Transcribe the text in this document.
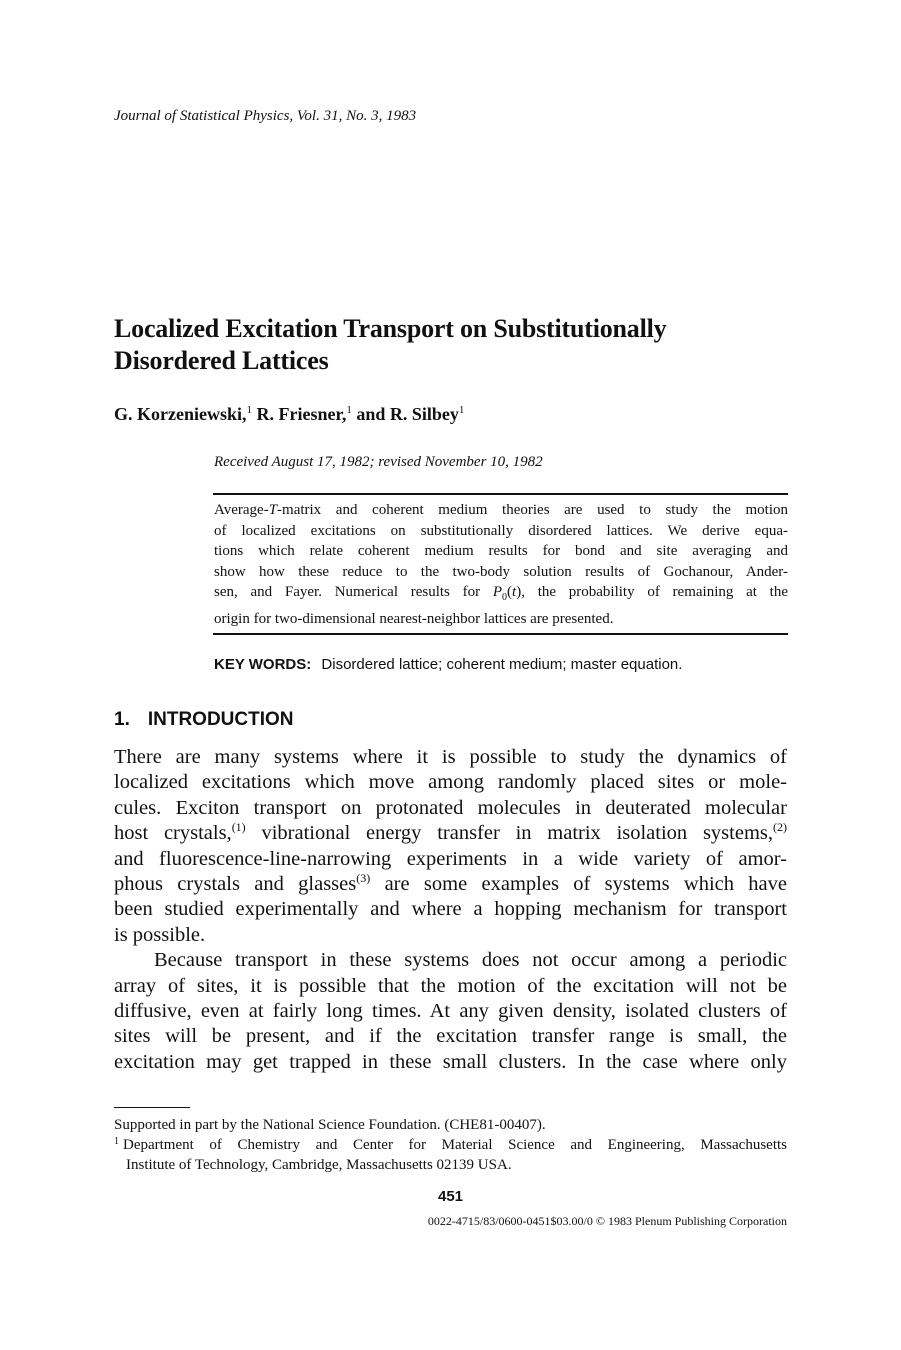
Journal of Statistical Physics, Vol. 31, No. 3, 1983
Localized Excitation Transport on Substitutionally
Disordered Lattices
G. Korzeniewski,$^1$ R. Friesner,$^1$ and R. Silbey$^1$
Received August 17, 1982; revised November 10, 1982
Average-T-matrix and coherent medium theories are used to study the motion
of localized excitations on substitutionally disordered lattices. We derive equa-
tions which relate coherent medium results for bond and site averaging and
show how these reduce to the two-body solution results of Gochanour, Ander-
sen, and Fayer. Numerical results for $P_0(t)$, the probability of remaining at the
origin for two-dimensional nearest-neighbor lattices are presented.
KEY WORDS: Disordered lattice; coherent medium; master equation.
1. INTRODUCTION
There are many systems where it is possible to study the dynamics of
localized excitations which move among randomly placed sites or mole-
cules. Exciton transport on protonated molecules in deuterated molecular
host crystals,$^{(1)}$ vibrational energy transfer in matrix isolation systems,$^{(2)}$
and fluorescence-line-narrowing experiments in a wide variety of amor-
phous crystals and glasses$^{(3)}$ are some examples of systems which have
been studied experimentally and where a hopping mechanism for transport
is possible.
Because transport in these systems does not occur among a periodic
array of sites, it is possible that the motion of the excitation will not be
diffusive, even at fairly long times. At any given density, isolated clusters of
sites will be present, and if the excitation transfer range is small, the
excitation may get trapped in these small clusters. In the case where only
Supported in part by the National Science Foundation. (CHE81-00407).
$^1$ Department of Chemistry and Center for Material Science and Engineering, Massachusetts
Institute of Technology, Cambridge, Massachusetts 02139 USA.
451
0022-4715/83/0600-0451$03.00/0 © 1983 Plenum Publishing Corporation
